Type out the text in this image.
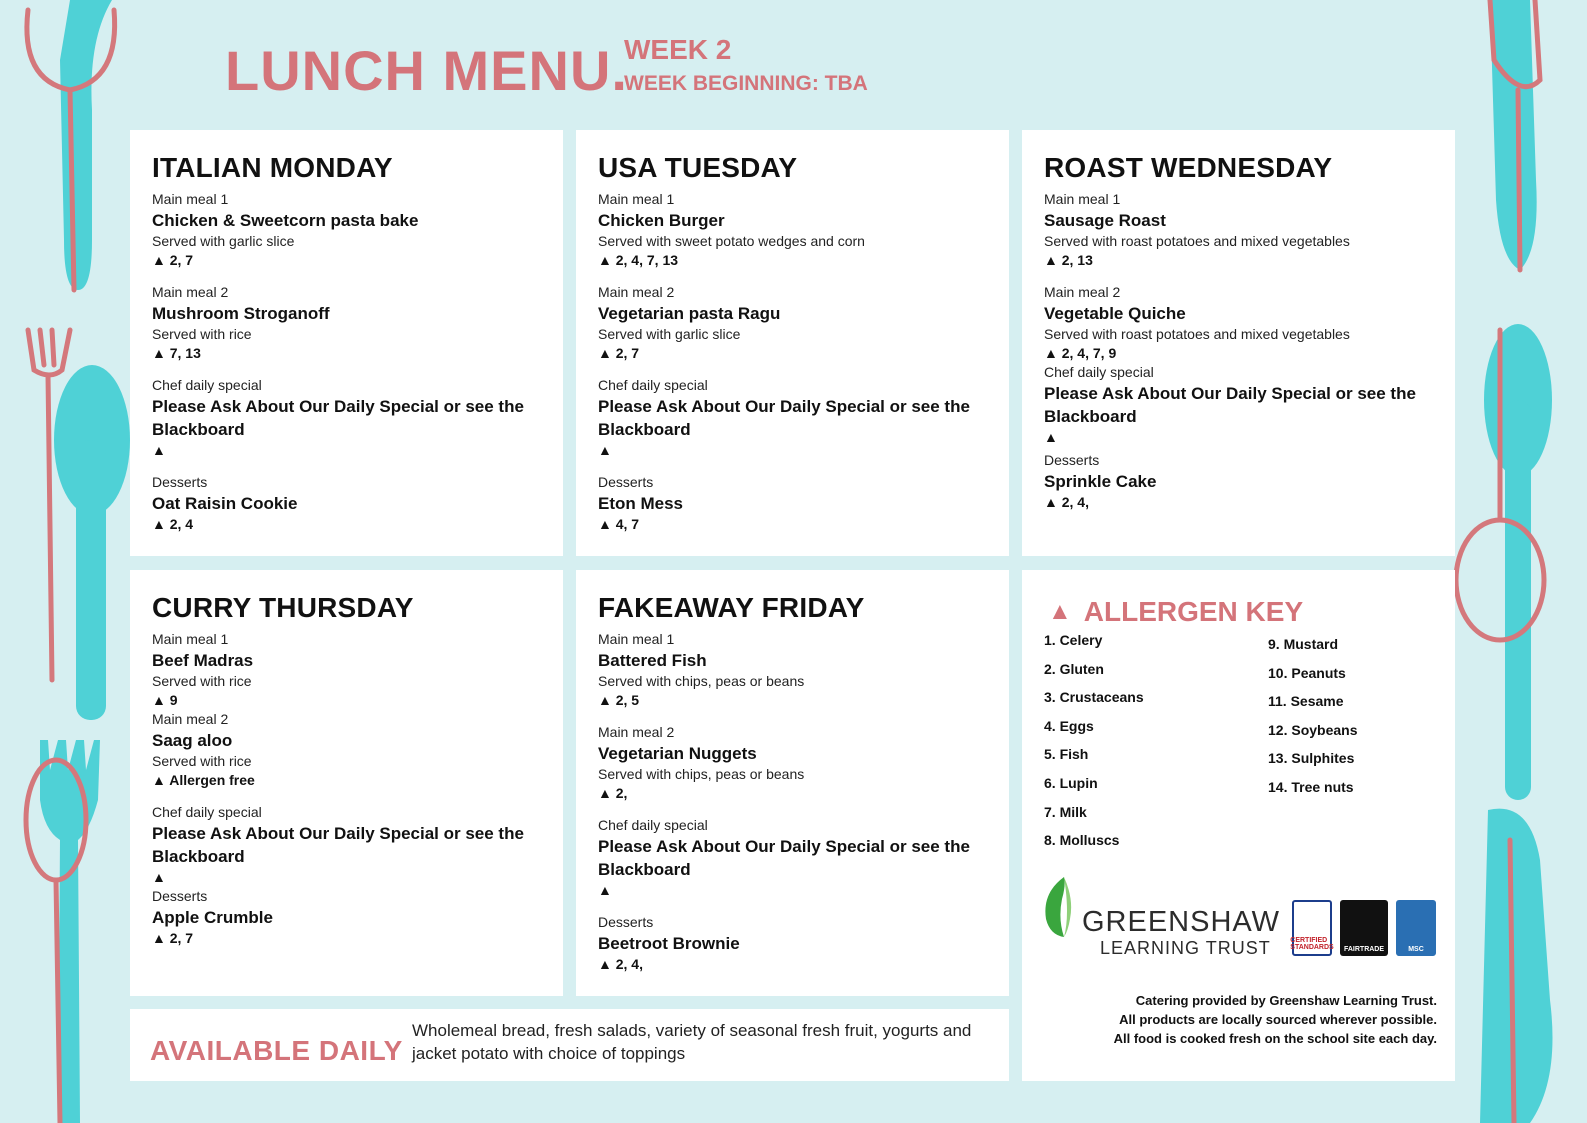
LUNCH MENU.
WEEK 2
WEEK BEGINNING: TBA
ITALIAN MONDAY
Main meal 1
Chicken & Sweetcorn pasta bake
Served with garlic slice
▲ 2, 7
Main meal 2
Mushroom Stroganoff
Served with rice
▲ 7, 13
Chef daily special
Please Ask About Our Daily Special or see the Blackboard
▲
Desserts
Oat Raisin Cookie
▲ 2, 4
USA TUESDAY
Main meal 1
Chicken Burger
Served with sweet potato wedges and corn
▲ 2, 4, 7, 13
Main meal 2
Vegetarian pasta Ragu
Served with garlic slice
▲ 2, 7
Chef daily special
Please Ask About Our Daily Special or see the Blackboard
▲
Desserts
Eton Mess
▲ 4, 7
ROAST WEDNESDAY
Main meal 1
Sausage Roast
Served with roast potatoes and mixed vegetables
▲ 2, 13
Main meal 2
Vegetable Quiche
Served with roast potatoes and mixed vegetables
▲ 2, 4, 7, 9
Chef daily special
Please Ask About Our Daily Special or see the Blackboard
▲
Desserts
Sprinkle Cake
▲ 2, 4,
CURRY THURSDAY
Main meal 1
Beef Madras
Served with rice
▲ 9
Main meal 2
Saag aloo
Served with rice
▲ Allergen free
Chef daily special
Please Ask About Our Daily Special or see the Blackboard
▲
Desserts
Apple Crumble
▲ 2, 7
FAKEAWAY FRIDAY
Main meal 1
Battered Fish
Served with chips, peas or beans
▲ 2, 5
Main meal 2
Vegetarian Nuggets
Served with chips, peas or beans
▲ 2,
Chef daily special
Please Ask About Our Daily Special or see the Blackboard
▲
Desserts
Beetroot Brownie
▲ 2, 4,
▲ ALLERGEN KEY
1. Celery
2. Gluten
3. Crustaceans
4. Eggs
5. Fish
6. Lupin
7. Milk
8. Molluscs
9. Mustard
10. Peanuts
11. Sesame
12. Soybeans
13. Sulphites
14. Tree nuts
GREENSHAW
LEARNING TRUST	CERTIFIED STANDARDS	FAIRTRADE	MSC
Catering provided by Greenshaw Learning Trust.
All products are locally sourced wherever possible.
All food is cooked fresh on the school site each day.
AVAILABLE DAILY
Wholemeal bread, fresh salads, variety of seasonal fresh fruit, yogurts and jacket potato with choice of toppings
